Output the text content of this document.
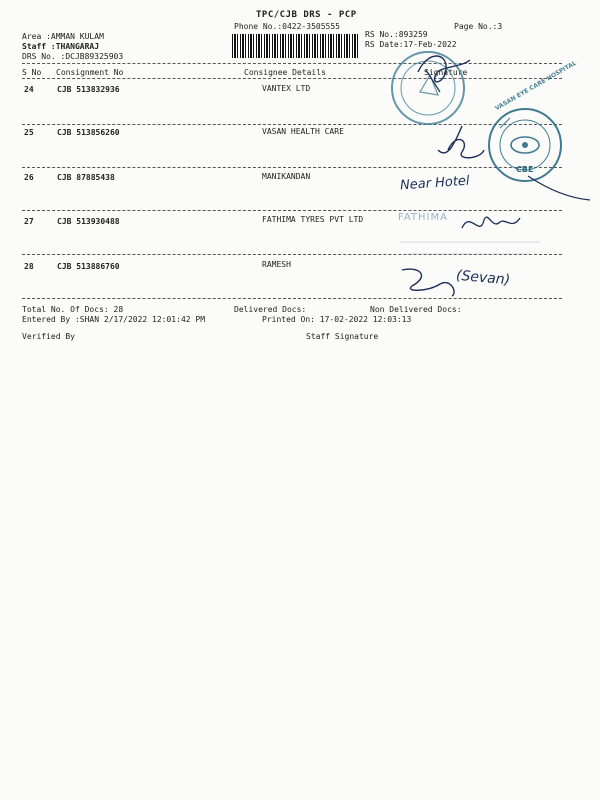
TPC/CJB DRS - PCP
Phone No.:0422-3505555	Page No.:3
Area :AMMAN KULAM
Staff :THANGARAJ
DRS No. :DCJB89325903
RS No.:893259
RS Date:17-Feb-2022
S No Consignment No	Consignee Details	Signature
24	CJB 513832936	VANTEX LTD
25	CJB 513856260	VASAN HEALTH CARE
26	CJB 87885438	MANIKANDAN
27	CJB 513930488	FATHIMA TYRES PVT LTD
28	CJB 513886760	RAMESH
Total No. Of Docs: 28	Delivered Docs:	Non Delivered Docs:
Entered By :SHAN 2/17/2022 12:01:42 PM	Printed On: 17-02-2022 12:03:13
Verified By	Staff Signature
VASAN EYE CARE HOSPITAL
CBE
FATHIMA
Near Hotel
(Sevan)
